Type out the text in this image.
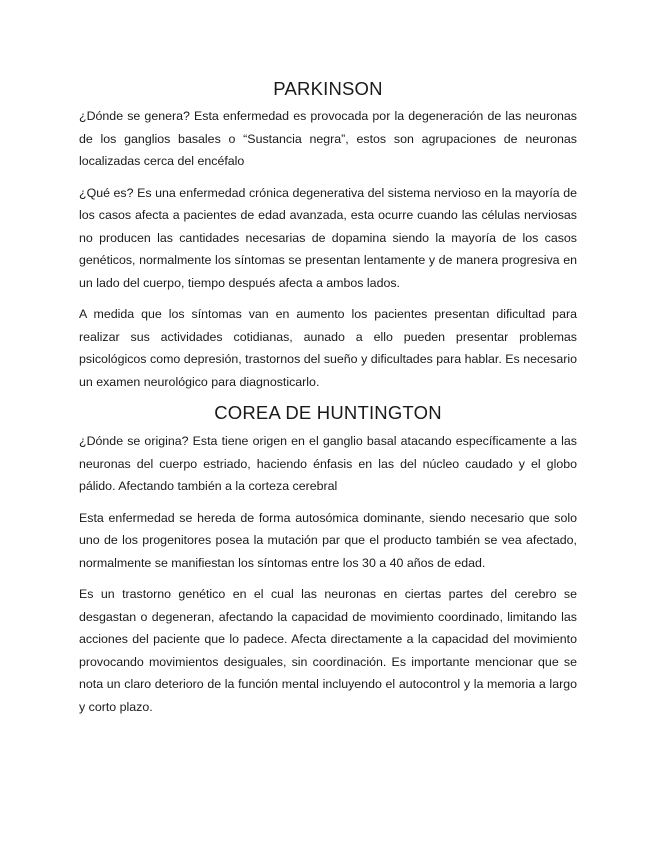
PARKINSON

¿Dónde se genera? Esta enfermedad es provocada por la degeneración de las neuronas de los ganglios basales o “Sustancia negra”, estos son agrupaciones de neuronas localizadas cerca del encéfalo

¿Qué es? Es una enfermedad crónica degenerativa del sistema nervioso en la mayoría de los casos afecta a pacientes de edad avanzada, esta ocurre cuando las células nerviosas no producen las cantidades necesarias de dopamina siendo la mayoría de los casos genéticos, normalmente los síntomas se presentan lentamente y de manera progresiva en un lado del cuerpo, tiempo después afecta a ambos lados.

A medida que los síntomas van en aumento los pacientes presentan dificultad para realizar sus actividades cotidianas, aunado a ello pueden presentar problemas psicológicos como depresión, trastornos del sueño y dificultades para hablar. Es necesario un examen neurológico para diagnosticarlo.

COREA DE HUNTINGTON

¿Dónde se origina? Esta tiene origen en el ganglio basal atacando específicamente a las neuronas del cuerpo estriado, haciendo énfasis en las del núcleo caudado y el globo pálido. Afectando también a la corteza cerebral

Esta enfermedad se hereda de forma autosómica dominante, siendo necesario que solo uno de los progenitores posea la mutación par que el producto también se vea afectado, normalmente se manifiestan los síntomas entre los 30 a 40 años de edad.

Es un trastorno genético en el cual las neuronas en ciertas partes del cerebro se desgastan o degeneran, afectando la capacidad de movimiento coordinado, limitando las acciones del paciente que lo padece. Afecta directamente a la capacidad del movimiento provocando movimientos desiguales, sin coordinación. Es importante mencionar que se nota un claro deterioro de la función mental incluyendo el autocontrol y la memoria a largo y corto plazo.
